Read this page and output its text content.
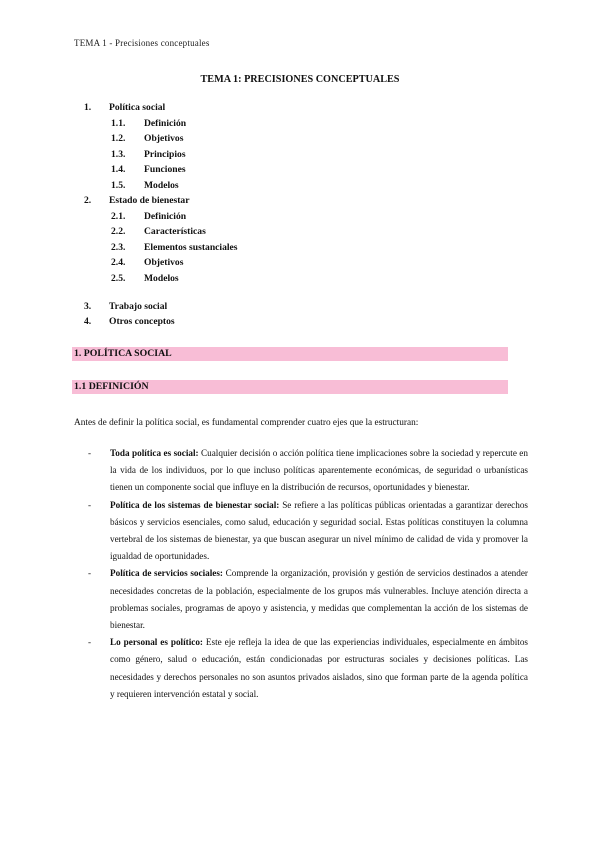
TEMA 1 - Precisiones conceptuales
TEMA 1: PRECISIONES CONCEPTUALES
1. Política social
1.1. Definición
1.2. Objetivos
1.3. Principios
1.4. Funciones
1.5. Modelos
2. Estado de bienestar
2.1. Definición
2.2. Características
2.3. Elementos sustanciales
2.4. Objetivos
2.5. Modelos
3. Trabajo social
4. Otros conceptos
1. POLÍTICA SOCIAL
1.1 DEFINICIÓN
Antes de definir la política social, es fundamental comprender cuatro ejes que la estructuran:
- Toda política es social: Cualquier decisión o acción política tiene implicaciones sobre la sociedad y repercute en la vida de los individuos, por lo que incluso políticas aparentemente económicas, de seguridad o urbanísticas tienen un componente social que influye en la distribución de recursos, oportunidades y bienestar.
- Política de los sistemas de bienestar social: Se refiere a las políticas públicas orientadas a garantizar derechos básicos y servicios esenciales, como salud, educación y seguridad social. Estas políticas constituyen la columna vertebral de los sistemas de bienestar, ya que buscan asegurar un nivel mínimo de calidad de vida y promover la igualdad de oportunidades.
- Política de servicios sociales: Comprende la organización, provisión y gestión de servicios destinados a atender necesidades concretas de la población, especialmente de los grupos más vulnerables. Incluye atención directa a problemas sociales, programas de apoyo y asistencia, y medidas que complementan la acción de los sistemas de bienestar.
- Lo personal es político: Este eje refleja la idea de que las experiencias individuales, especialmente en ámbitos como género, salud o educación, están condicionadas por estructuras sociales y decisiones políticas. Las necesidades y derechos personales no son asuntos privados aislados, sino que forman parte de la agenda política y requieren intervención estatal y social.
